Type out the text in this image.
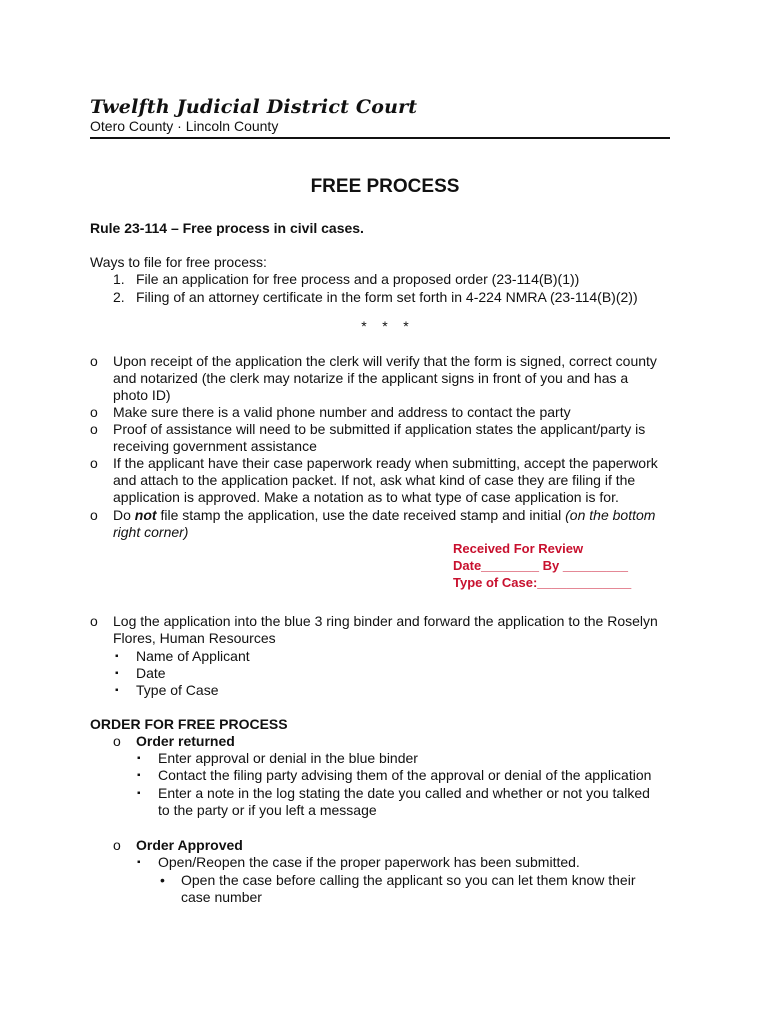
Twelfth Judicial District Court
Otero County · Lincoln County
FREE PROCESS
Rule 23-114 – Free process in civil cases.
Ways to file for free process:
1. File an application for free process and a proposed order (23-114(B)(1))
2. Filing of an attorney certificate in the form set forth in 4-224 NMRA (23-114(B)(2))
*    *    *
o Upon receipt of the application the clerk will verify that the form is signed, correct county
and notarized (the clerk may notarize if the applicant signs in front of you and has a
photo ID)
o Make sure there is a valid phone number and address to contact the party
o Proof of assistance will need to be submitted if application states the applicant/party is
receiving government assistance
o If the applicant have their case paperwork ready when submitting, accept the paperwork
and attach to the application packet. If not, ask what kind of case they are filing if the
application is approved. Make a notation as to what type of case application is for.
o Do not file stamp the application, use the date received stamp and initial (on the bottom
right corner)
Received For Review
Date________ By _________
Type of Case:_____________
o Log the application into the blue 3 ring binder and forward the application to the Roselyn
Flores, Human Resources
▪ Name of Applicant
▪ Date
▪ Type of Case
ORDER FOR FREE PROCESS
o Order returned
▪ Enter approval or denial in the blue binder
▪ Contact the filing party advising them of the approval or denial of the application
▪ Enter a note in the log stating the date you called and whether or not you talked
to the party or if you left a message
o Order Approved
▪ Open/Reopen the case if the proper paperwork has been submitted.
• Open the case before calling the applicant so you can let them know their
case number
